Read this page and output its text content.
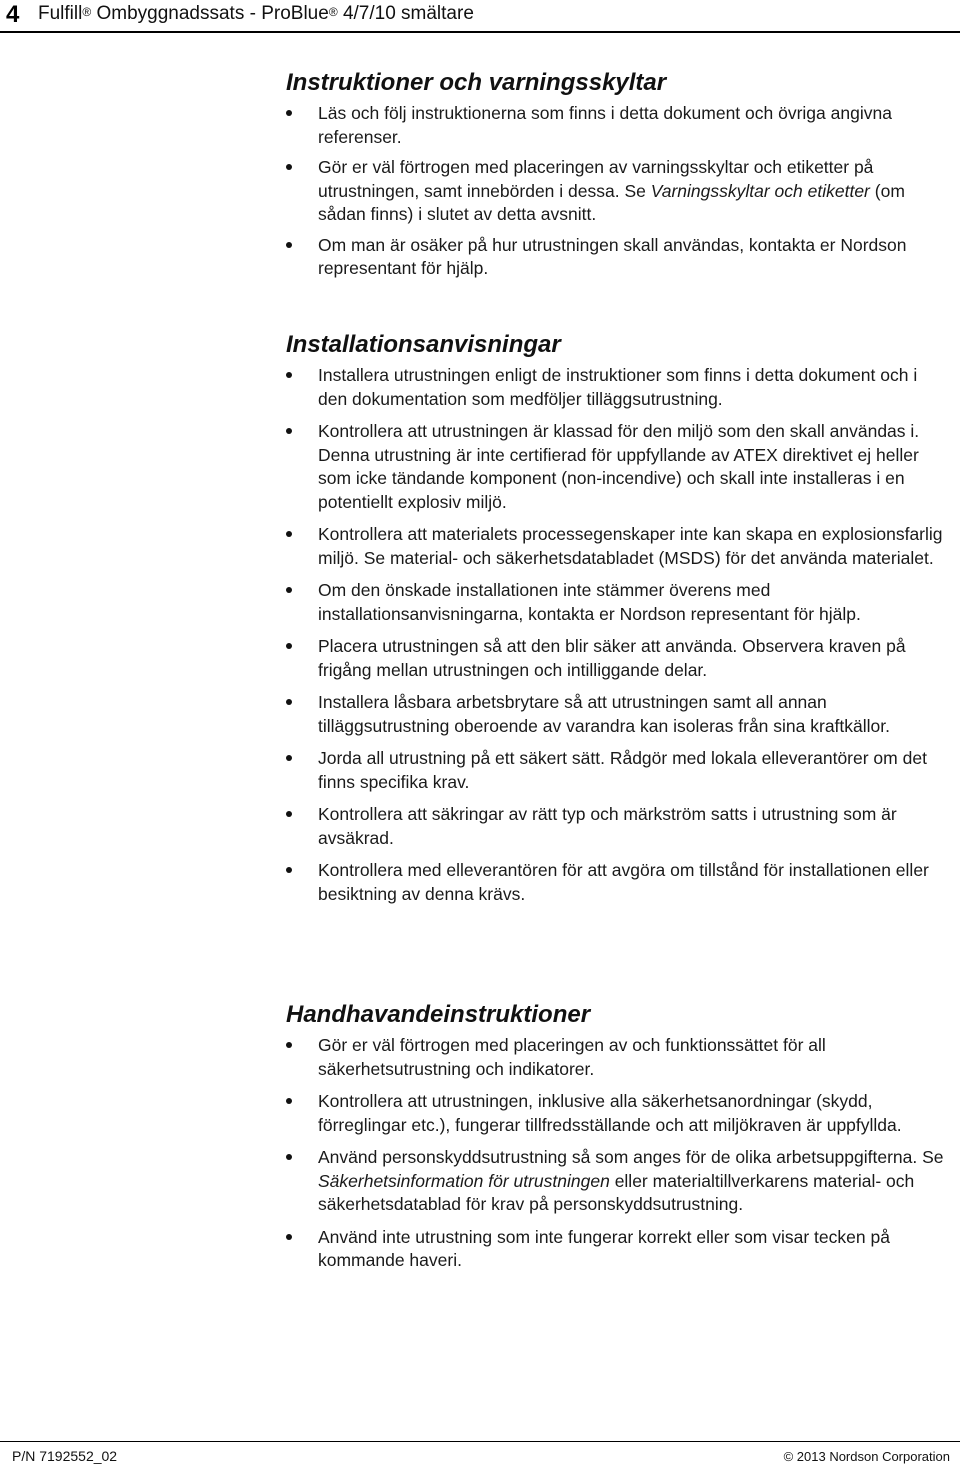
4 Fulfill® Ombyggnadssats - ProBlue® 4/7/10 smältare
Instruktioner och varningsskyltar
Läs och följ instruktionerna som finns i detta dokument och övriga angivna referenser.
Gör er väl förtrogen med placeringen av varningsskyltar och etiketter på utrustningen, samt innebörden i dessa. Se Varningsskyltar och etiketter (om sådan finns) i slutet av detta avsnitt.
Om man är osäker på hur utrustningen skall användas, kontakta er Nordson representant för hjälp.
Installationsanvisningar
Installera utrustningen enligt de instruktioner som finns i detta dokument och i den dokumentation som medföljer tilläggsutrustning.
Kontrollera att utrustningen är klassad för den miljö som den skall användas i. Denna utrustning är inte certifierad för uppfyllande av ATEX direktivet ej heller som icke tändande komponent (non-incendive) och skall inte installeras i en potentiellt explosiv miljö.
Kontrollera att materialets processegenskaper inte kan skapa en explosionsfarlig miljö. Se material- och säkerhetsdatabladet (MSDS) för det använda materialet.
Om den önskade installationen inte stämmer överens med installationsanvisningarna, kontakta er Nordson representant för hjälp.
Placera utrustningen så att den blir säker att använda. Observera kraven på frigång mellan utrustningen och intilliggande delar.
Installera låsbara arbetsbrytare så att utrustningen samt all annan tilläggsutrustning oberoende av varandra kan isoleras från sina kraftkällor.
Jorda all utrustning på ett säkert sätt. Rådgör med lokala elleverantörer om det finns specifika krav.
Kontrollera att säkringar av rätt typ och märkström satts i utrustning som är avsäkrad.
Kontrollera med elleverantören för att avgöra om tillstånd för installationen eller besiktning av denna krävs.
Handhavandeinstruktioner
Gör er väl förtrogen med placeringen av och funktionssättet för all säkerhetsutrustning och indikatorer.
Kontrollera att utrustningen, inklusive alla säkerhetsanordningar (skydd, förreglingar etc.), fungerar tillfredsställande och att miljökraven är uppfyllda.
Använd personskyddsutrustning så som anges för de olika arbetsuppgifterna. Se Säkerhetsinformation för utrustningen eller materialtillverkarens material- och säkerhetsdatablad för krav på personskyddsutrustning.
Använd inte utrustning som inte fungerar korrekt eller som visar tecken på kommande haveri.
P/N 7192552_02	© 2013 Nordson Corporation
